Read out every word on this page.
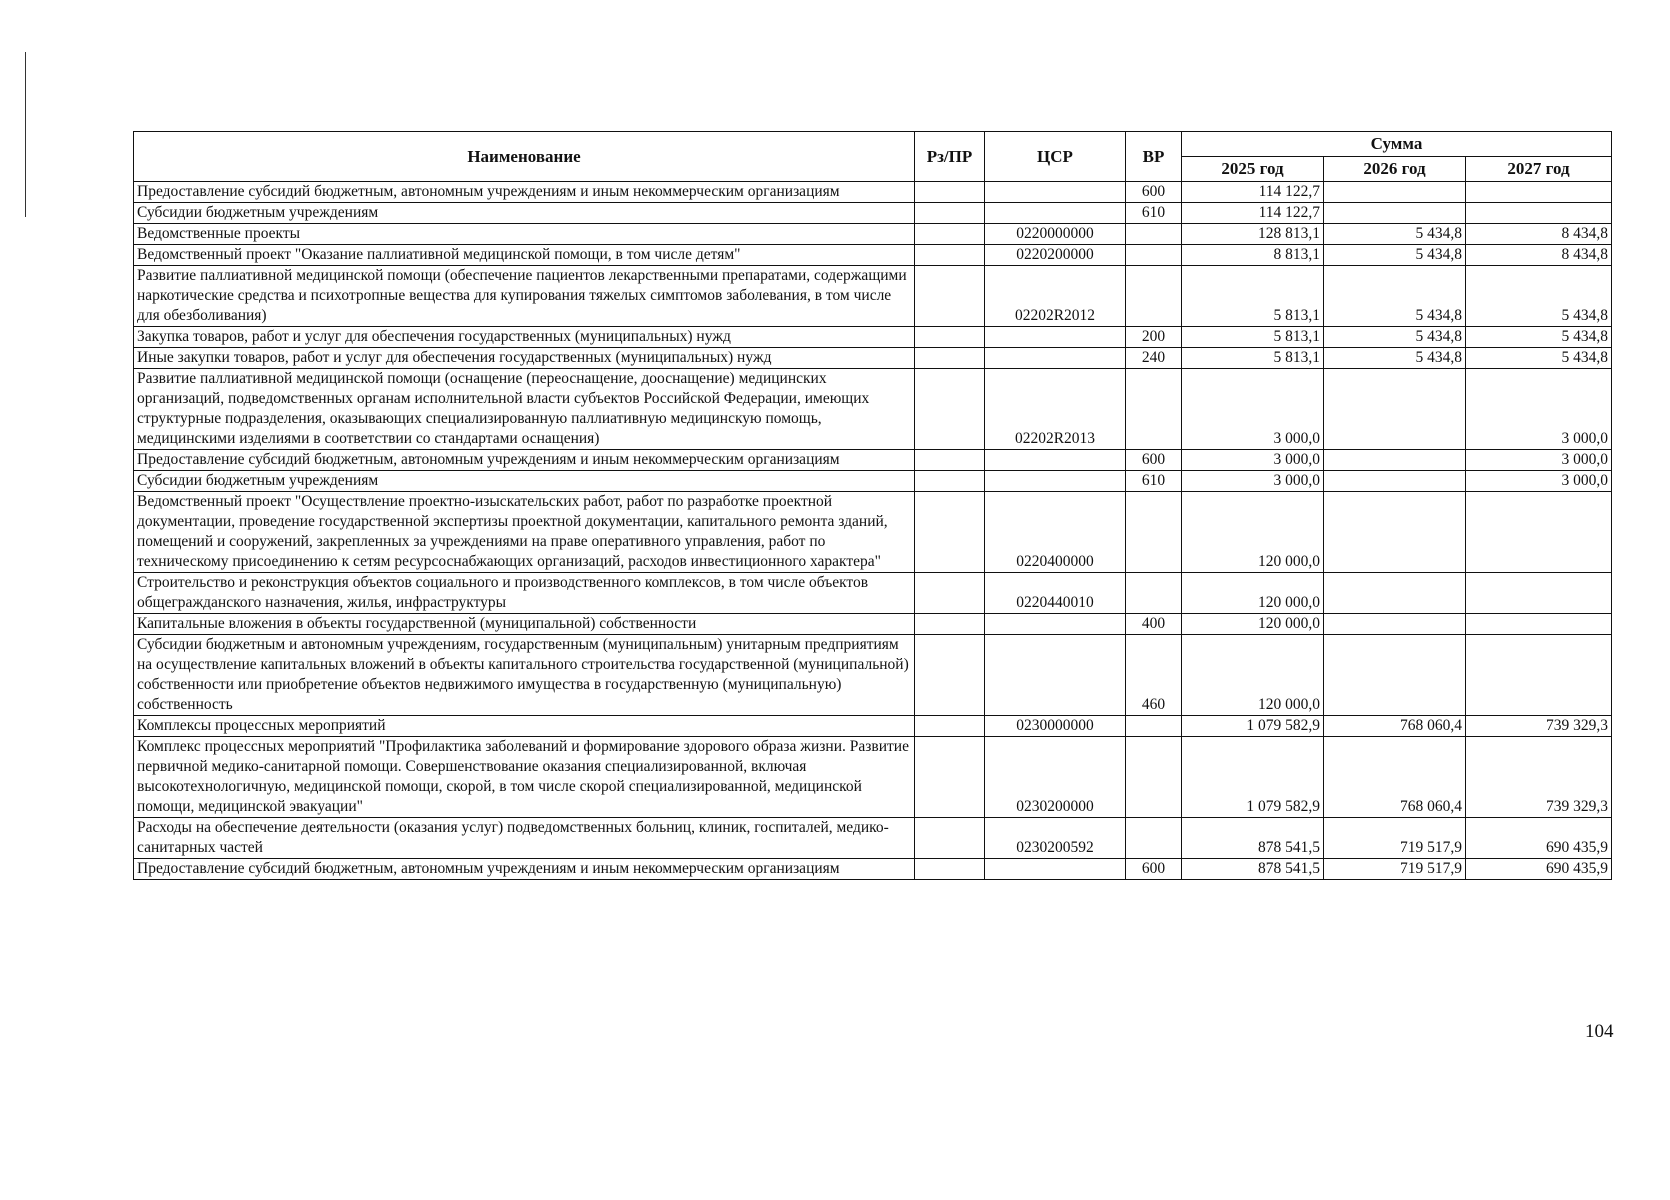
Наименование	Рз/ПР	ЦСР	ВР	Сумма		
				2025 год	2026 год	2027 год
Предоставление субсидий бюджетным, автономным учреждениям и иным некоммерческим организациям			600	114 122,7		
Субсидии бюджетным учреждениям			610	114 122,7		
Ведомственные проекты		0220000000		128 813,1	5 434,8	8 434,8
Ведомственный проект "Оказание паллиативной медицинской помощи, в том числе детям"		0220200000		8 813,1	5 434,8	8 434,8
Развитие паллиативной медицинской помощи (обеспечение пациентов лекарственными препаратами, содержащими наркотические средства и психотропные вещества для купирования тяжелых симптомов заболевания, в том числе для обезболивания)		02202R2012		5 813,1	5 434,8	5 434,8
Закупка товаров, работ и услуг для обеспечения государственных (муниципальных) нужд			200	5 813,1	5 434,8	5 434,8
Иные закупки товаров, работ и услуг для обеспечения государственных (муниципальных) нужд			240	5 813,1	5 434,8	5 434,8
Развитие паллиативной медицинской помощи (оснащение (переоснащение, дооснащение) медицинских организаций, подведомственных органам исполнительной власти субъектов Российской Федерации, имеющих структурные подразделения, оказывающих специализированную паллиативную медицинскую помощь, медицинскими изделиями в соответствии со стандартами оснащения)		02202R2013		3 000,0		3 000,0
Предоставление субсидий бюджетным, автономным учреждениям и иным некоммерческим организациям			600	3 000,0		3 000,0
Субсидии бюджетным учреждениям			610	3 000,0		3 000,0
Ведомственный проект "Осуществление проектно-изыскательских работ, работ по разработке проектной документации, проведение государственной экспертизы проектной документации, капитального ремонта зданий, помещений и сооружений, закрепленных за учреждениями на праве оперативного управления, работ по техническому присоединению к сетям ресурсоснабжающих организаций, расходов инвестиционного характера"		0220400000		120 000,0		
Строительство и реконструкция объектов социального и производственного комплексов, в том числе объектов общегражданского назначения, жилья, инфраструктуры		0220440010		120 000,0		
Капитальные вложения в объекты государственной (муниципальной) собственности			400	120 000,0		
Субсидии бюджетным и автономным учреждениям, государственным (муниципальным) унитарным предприятиям на осуществление капитальных вложений в объекты капитального строительства государственной (муниципальной) собственности или приобретение объектов недвижимого имущества в государственную (муниципальную) собственность			460	120 000,0		
Комплексы процессных мероприятий		0230000000		1 079 582,9	768 060,4	739 329,3
Комплекс процессных мероприятий "Профилактика заболеваний и формирование здорового образа жизни. Развитие первичной медико-санитарной помощи. Совершенствование оказания специализированной, включая высокотехнологичную, медицинской помощи, скорой, в том числе скорой специализированной, медицинской помощи, медицинской эвакуации"		0230200000		1 079 582,9	768 060,4	739 329,3
Расходы на обеспечение деятельности (оказания услуг) подведомственных больниц, клиник, госпиталей, медико-санитарных частей		0230200592		878 541,5	719 517,9	690 435,9
Предоставление субсидий бюджетным, автономным учреждениям и иным некоммерческим организациям			600	878 541,5	719 517,9	690 435,9
104
